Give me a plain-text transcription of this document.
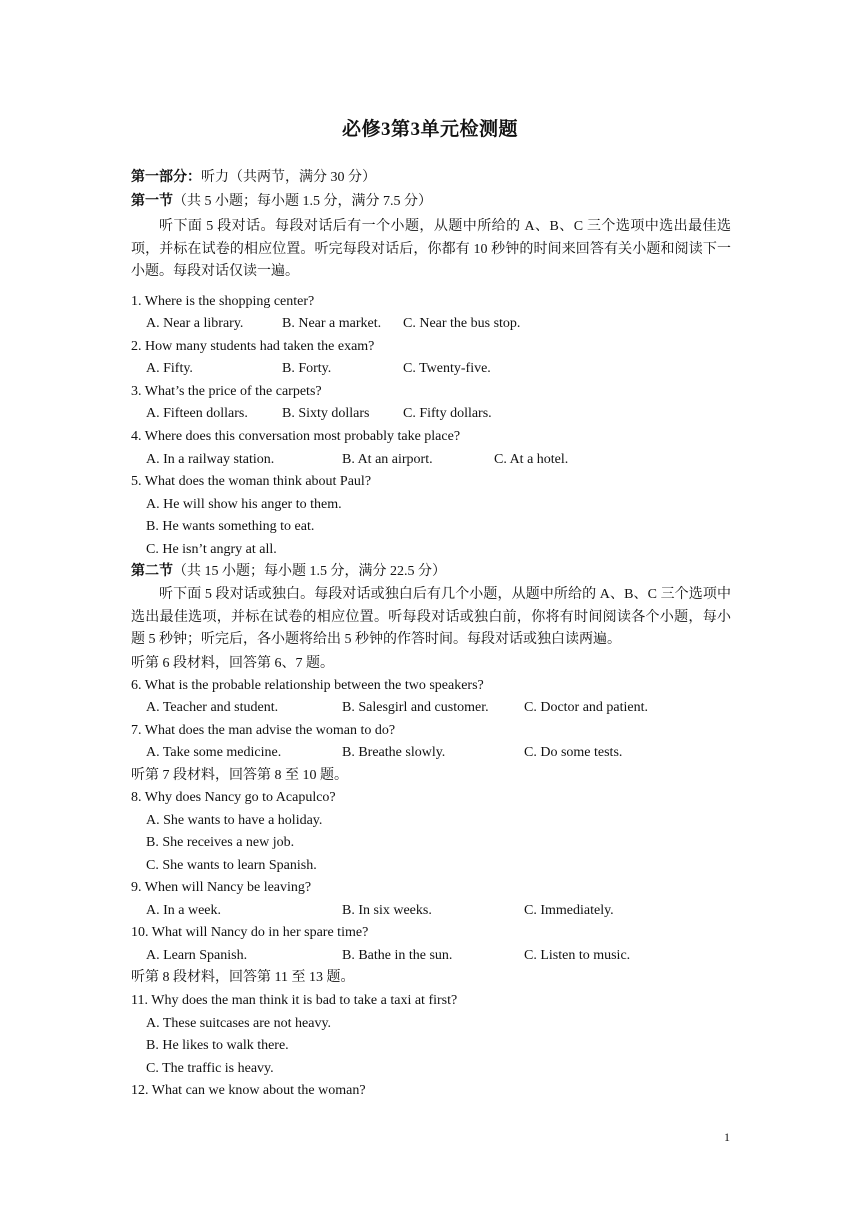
必修3第3单元检测题
第一部分：听力（共两节，满分 30 分）
第一节（共 5 小题；每小题 1.5 分，满分 7.5 分）
听下面 5 段对话。每段对话后有一个小题，从题中所给的 A、B、C 三个选项中选出最佳选项，并标在试卷的相应位置。听完每段对话后，你都有 10 秒钟的时间来回答有关小题和阅读下一小题。每段对话仅读一遍。
1. Where is the shopping center?
A. Near a library.	B. Near a market. C. Near the bus stop.
2. How many students had taken the exam?
A. Fifty.	B. Forty.	C. Twenty-five.
3. What’s the price of the carpets?
A. Fifteen dollars. B. Sixty dollars C. Fifty dollars.
4. Where does this conversation most probably take place?
A. In a railway station.	B. At an airport.	C. At a hotel.
5. What does the woman think about Paul?
A. He will show his anger to them.
B. He wants something to eat.
C. He isn’t angry at all.
第二节（共 15 小题；每小题 1.5 分，满分 22.5 分）
听下面 5 段对话或独白。每段对话或独白后有几个小题，从题中所给的 A、B、C 三个选项中选出最佳选项，并标在试卷的相应位置。听每段对话或独白前，你将有时间阅读各个小题，每小题 5 秒钟；听完后，各小题将给出 5 秒钟的作答时间。每段对话或独白读两遍。
听第 6 段材料，回答第 6、7 题。
6. What is the probable relationship between the two speakers?
A. Teacher and student.	B. Salesgirl and customer.	C. Doctor and patient.
7. What does the man advise the woman to do?
A. Take some medicine.	B. Breathe slowly.	C. Do some tests.
听第 7 段材料，回答第 8 至 10 题。
8. Why does Nancy go to Acapulco?
A. She wants to have a holiday.
B. She receives a new job.
C. She wants to learn Spanish.
9. When will Nancy be leaving?
A. In a week.	B. In six weeks.	C. Immediately.
10. What will Nancy do in her spare time?
A. Learn Spanish.	B. Bathe in the sun.	C. Listen to music.
听第 8 段材料，回答第 11 至 13 题。
11. Why does the man think it is bad to take a taxi at first?
A. These suitcases are not heavy.
B. He likes to walk there.
C. The traffic is heavy.
12. What can we know about the woman?
1
